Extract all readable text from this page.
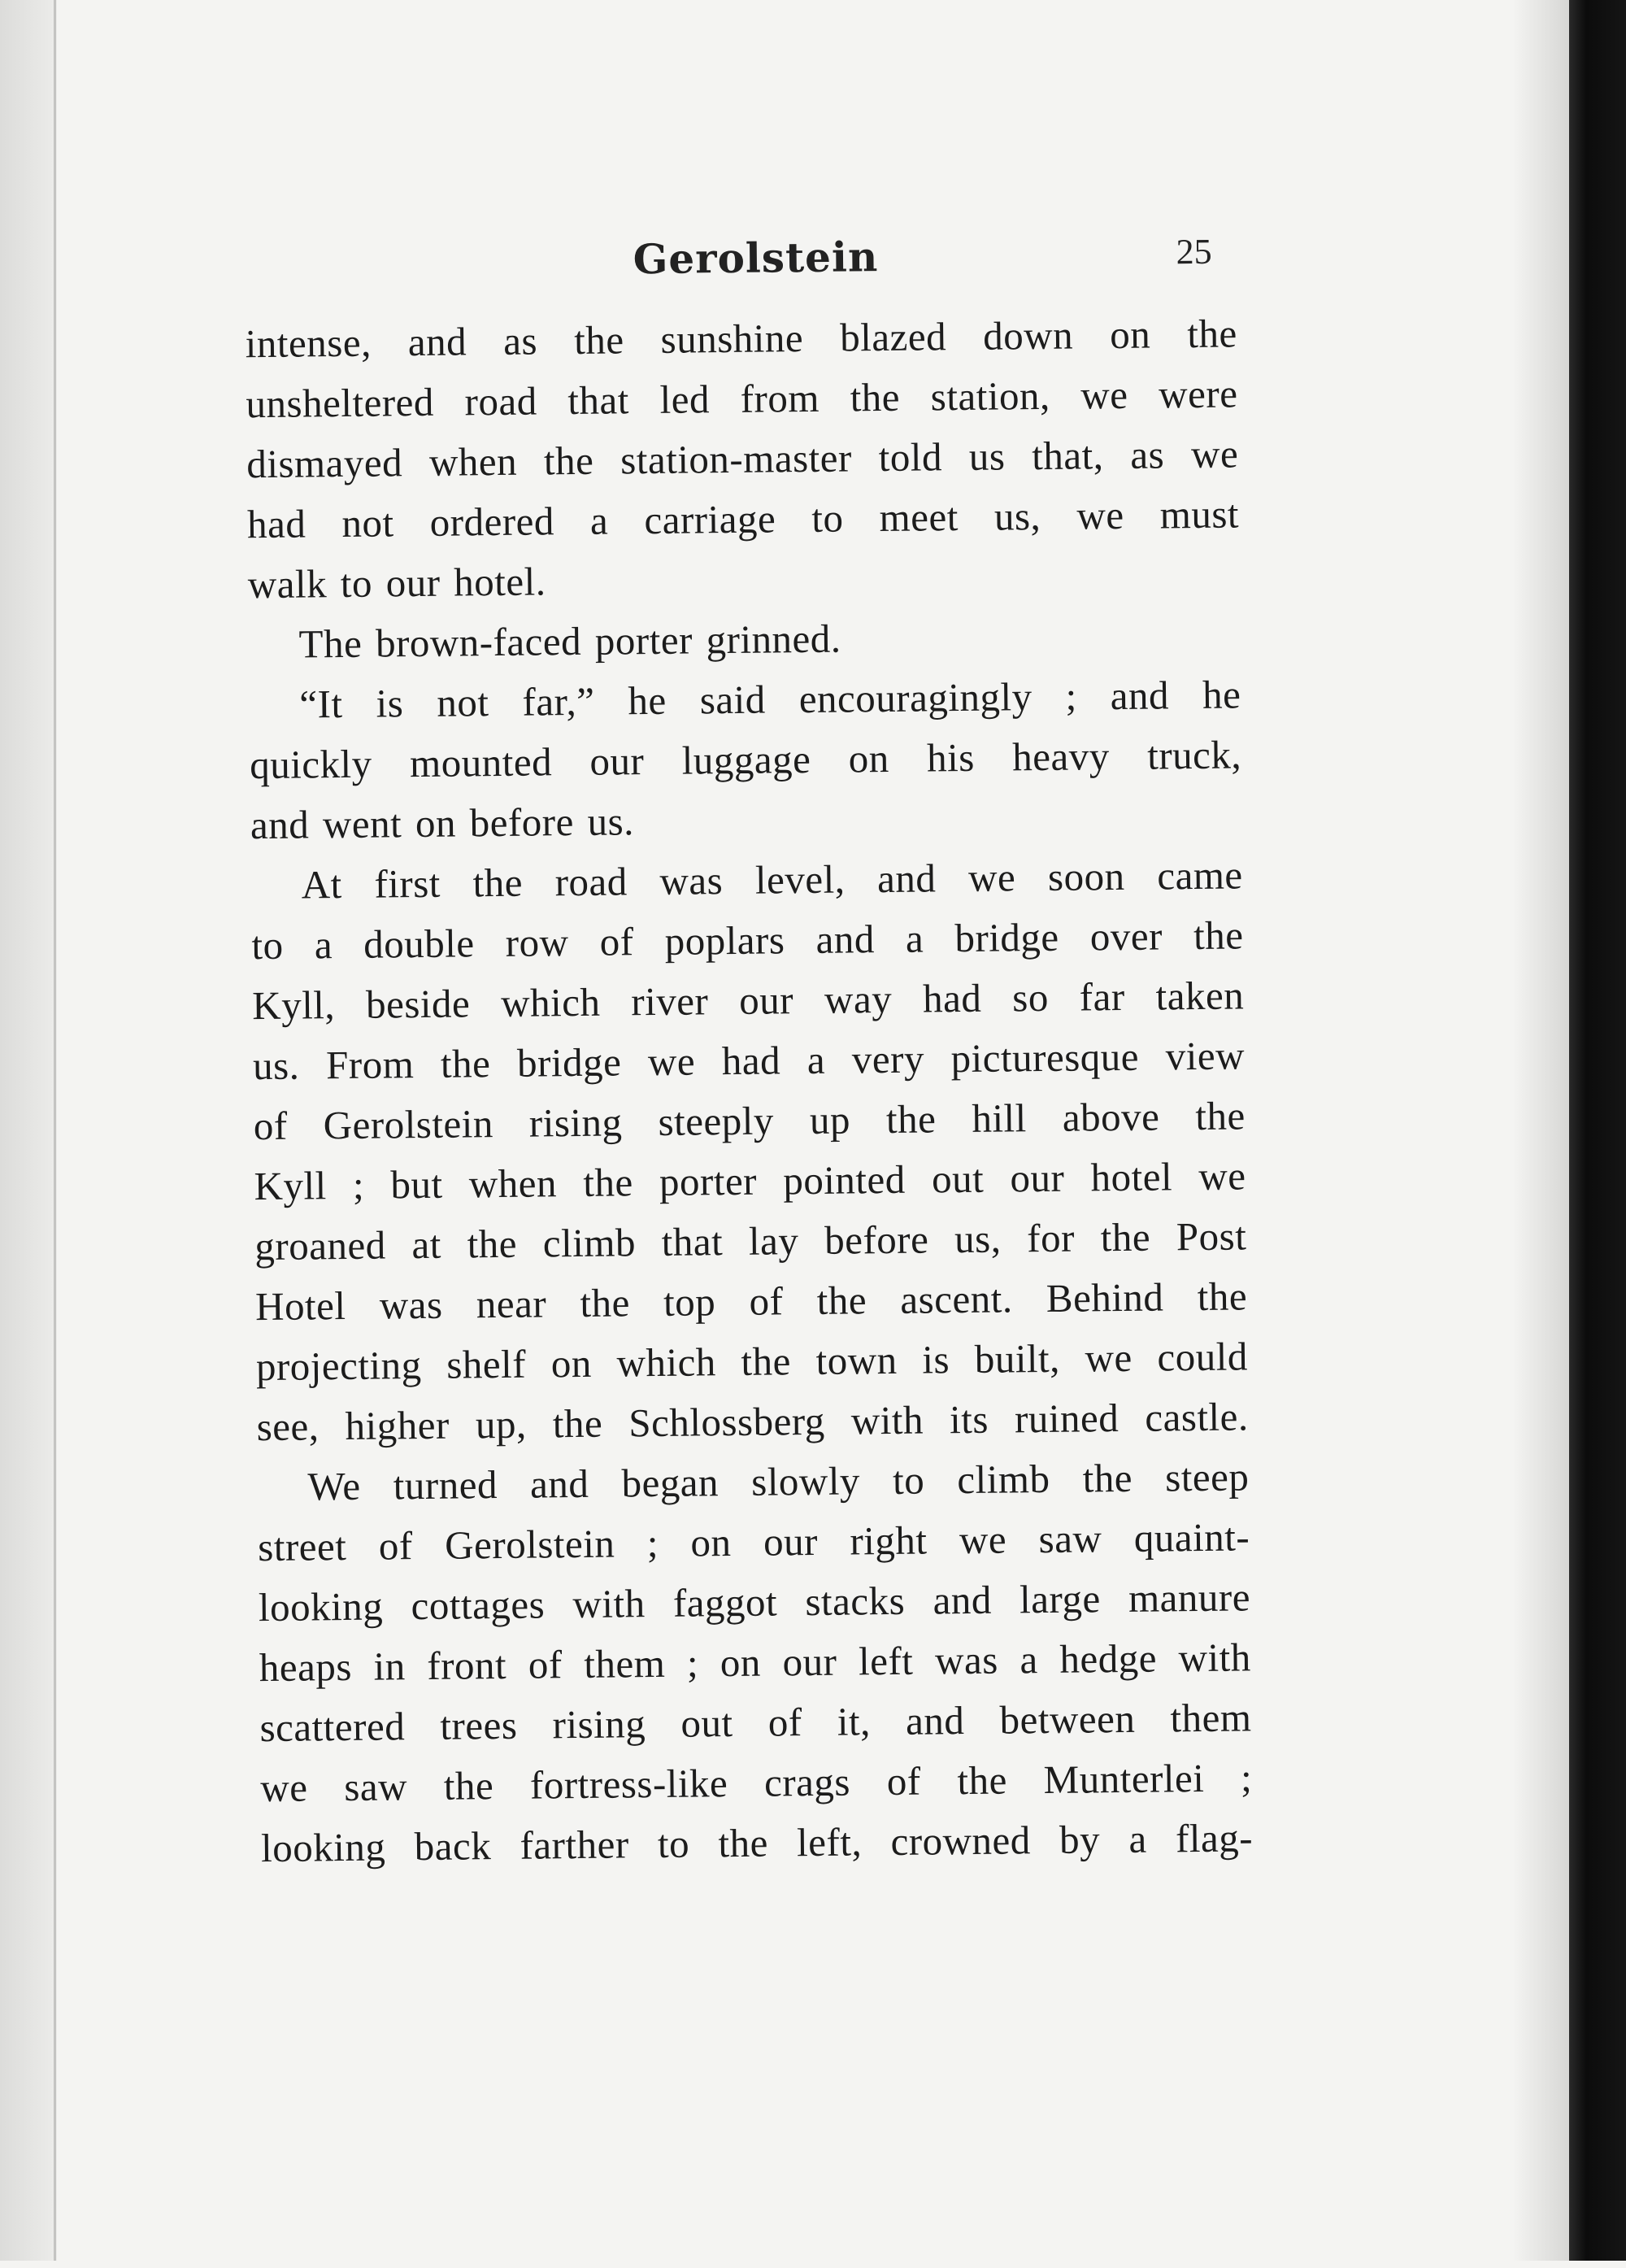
Gerolstein	25
intense, and as the sunshine blazed down on the
unsheltered road that led from the station, we were
dismayed when the station-master told us that, as we
had not ordered a carriage to meet us, we must
walk to our hotel.
The brown-faced porter grinned.
“It is not far,” he said encouragingly ; and he
quickly mounted our luggage on his heavy truck,
and went on before us.
At first the road was level, and we soon came
to a double row of poplars and a bridge over the
Kyll, beside which river our way had so far taken
us. From the bridge we had a very picturesque view
of Gerolstein rising steeply up the hill above the
Kyll ; but when the porter pointed out our hotel we
groaned at the climb that lay before us, for the Post
Hotel was near the top of the ascent. Behind the
projecting shelf on which the town is built, we could
see, higher up, the Schlossberg with its ruined castle.
We turned and began slowly to climb the steep
street of Gerolstein ; on our right we saw quaint-
looking cottages with faggot stacks and large manure
heaps in front of them ; on our left was a hedge with
scattered trees rising out of it, and between them
we saw the fortress-like crags of the Munterlei ;
looking back farther to the left, crowned by a flag-
